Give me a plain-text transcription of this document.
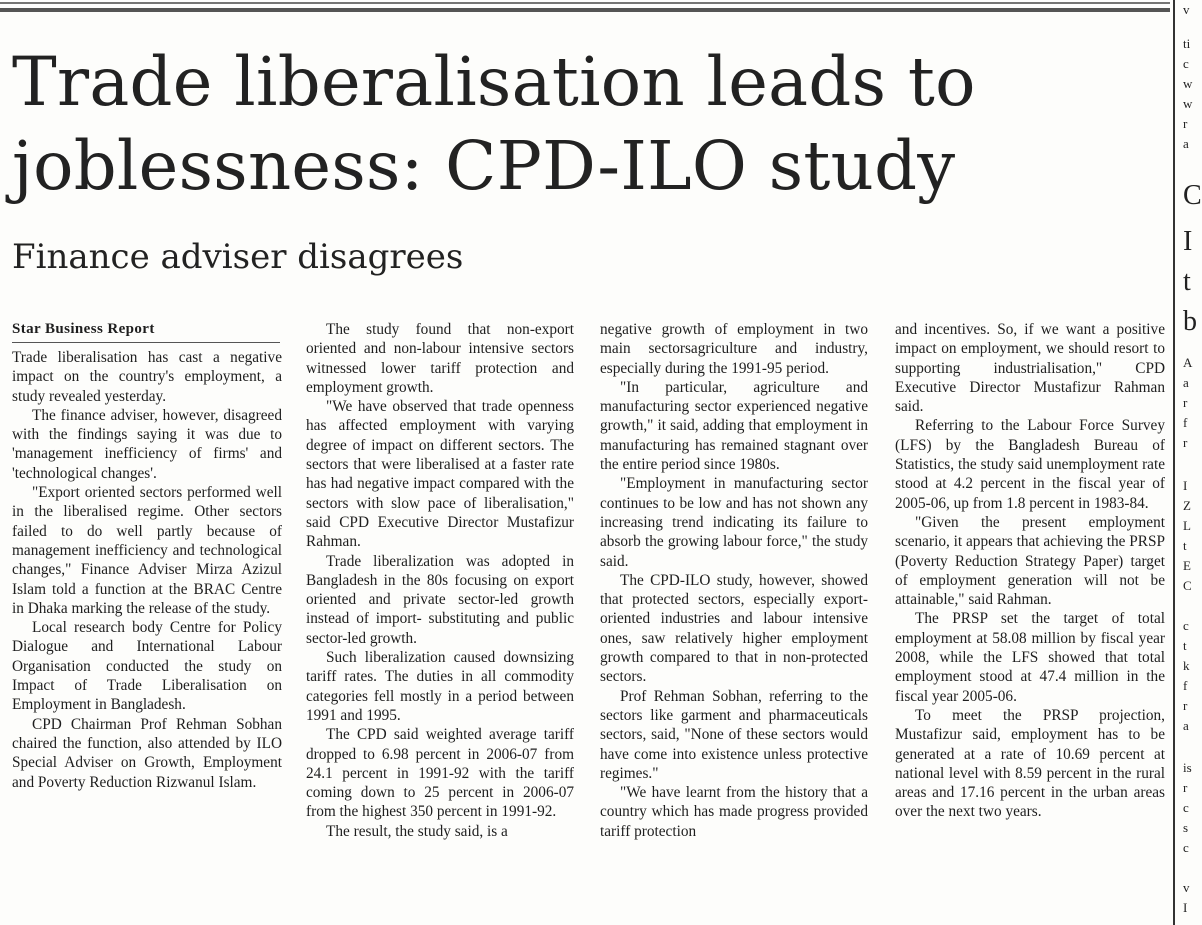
Trade liberalisation leads to joblessness: CPD-ILO study
Finance adviser disagrees
Star Business Report

Trade liberalisation has cast a negative impact on the country's employment, a study revealed yesterday.

The finance adviser, however, disagreed with the findings saying it was due to 'management inefficiency of firms' and 'technological changes'.

"Export oriented sectors performed well in the liberalised regime. Other sectors failed to do well partly because of management inefficiency and technological changes," Finance Adviser Mirza Azizul Islam told a function at the BRAC Centre in Dhaka marking the release of the study.

Local research body Centre for Policy Dialogue and International Labour Organisation conducted the study on Impact of Trade Liberalisation on Employment in Bangladesh.

CPD Chairman Prof Rehman Sobhan chaired the function, also attended by ILO Special Adviser on Growth, Employment and Poverty Reduction Rizwanul Islam.

The study found that non-export oriented and non-labour intensive sectors witnessed lower tariff protection and employment growth.

"We have observed that trade openness has affected employment with varying degree of impact on different sectors. The sectors that were liberalised at a faster rate has had negative impact compared with the sectors with slow pace of liberalisation," said CPD Executive Director Mustafizur Rahman.

Trade liberalization was adopted in Bangladesh in the 80s focusing on export oriented and private sector-led growth instead of import- substituting and public sector-led growth.

Such liberalization caused downsizing tariff rates. The duties in all commodity categories fell mostly in a period between 1991 and 1995.

The CPD said weighted average tariff dropped to 6.98 percent in 2006-07 from 24.1 percent in 1991-92 with the tariff coming down to 25 percent in 2006-07 from the highest 350 percent in 1991-92.

The result, the study said, is a

negative growth of employment in two main sectorsagriculture and industry, especially during the 1991-95 period.

"In particular, agriculture and manufacturing sector experienced negative growth," it said, adding that employment in manufacturing has remained stagnant over the entire period since 1980s.

"Employment in manufacturing sector continues to be low and has not shown any increasing trend indicating its failure to absorb the growing labour force," the study said.

The CPD-ILO study, however, showed that protected sectors, especially export-oriented industries and labour intensive ones, saw relatively higher employment growth compared to that in non-protected sectors.

Prof Rehman Sobhan, referring to the sectors like garment and pharmaceuticals sectors, said, "None of these sectors would have come into existence unless protective regimes."

"We have learnt from the history that a country which has made progress provided tariff protection

and incentives. So, if we want a positive impact on employment, we should resort to supporting industrialisation," CPD Executive Director Mustafizur Rahman said.

Referring to the Labour Force Survey (LFS) by the Bangladesh Bureau of Statistics, the study said unemployment rate stood at 4.2 percent in the fiscal year of 2005-06, up from 1.8 percent in 1983-84.

"Given the present employment scenario, it appears that achieving the PRSP (Poverty Reduction Strategy Paper) target of employment generation will not be attainable," said Rahman.

The PRSP set the target of total employment at 58.08 million by fiscal year 2008, while the LFS showed that total employment stood at 47.4 million in the fiscal year 2005-06.

To meet the PRSP projection, Mustafizur said, employment has to be generated at a rate of 10.69 percent at national level with 8.59 percent in the rural areas and 17.16 percent in the urban areas over the next two years.

v
ti
c
w
w
r
a
C
I
t
b
A
a
r
f
r
I
Z
L
t
E
C
c
t
k
f
r
a
is
r
c
s
c
v
I
